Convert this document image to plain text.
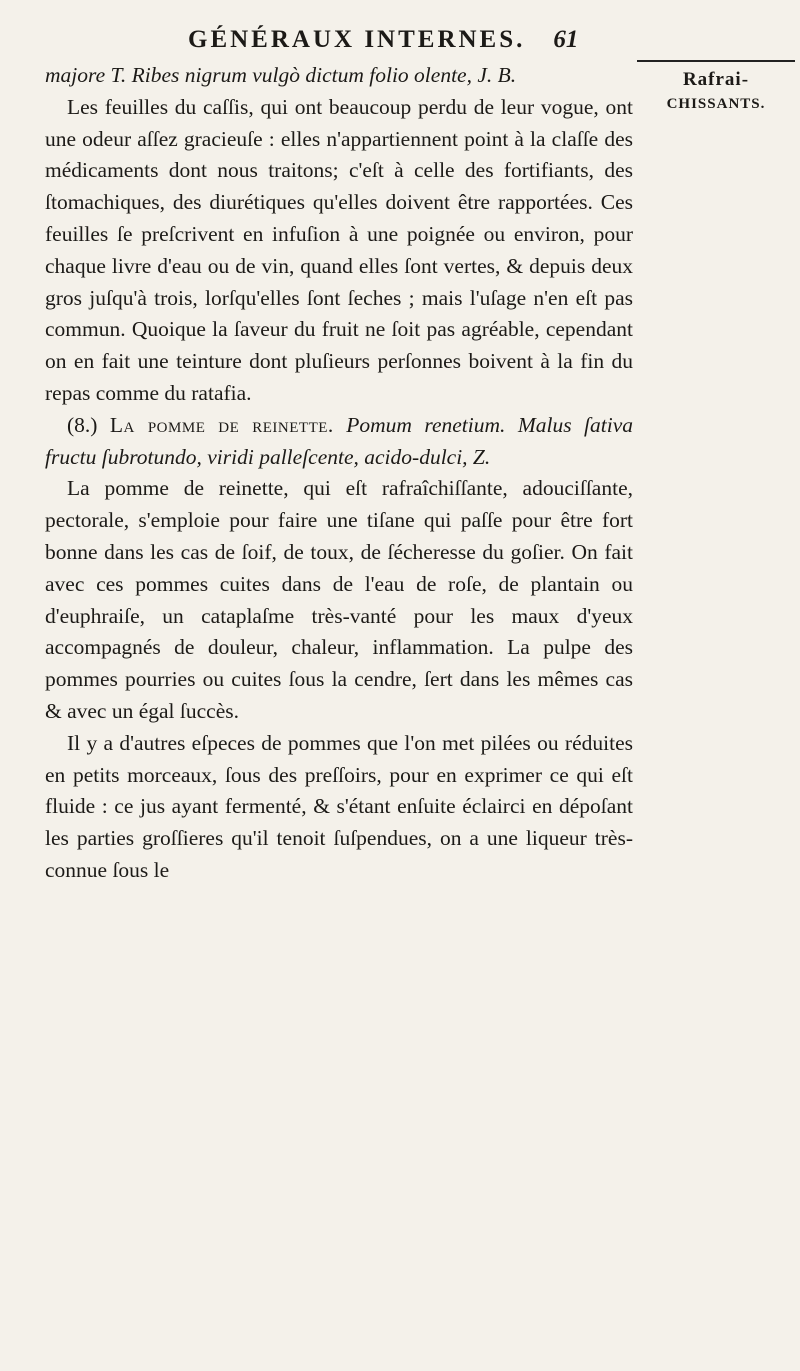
GÉNÉRAUX INTERNES. 61
Rafrai-
CHISSANTS.

majore T. Ribes nigrum vulgò dictum folio olente, J. B.

Les feuilles du caſſis, qui ont beaucoup perdu de leur vogue, ont une odeur aſſez gracieuſe : elles n'appartiennent point à la claſſe des médicaments dont nous traitons; c'eſt à celle des fortifiants, des ſtomachiques, des diurétiques qu'elles doivent être rapportées. Ces feuilles ſe preſcrivent en infuſion à une poignée ou environ, pour chaque livre d'eau ou de vin, quand elles ſont vertes, & depuis deux gros juſqu'à trois, lorſqu'elles ſont ſeches ; mais l'uſage n'en eſt pas commun. Quoique la ſaveur du fruit ne ſoit pas agréable, cependant on en fait une teinture dont pluſieurs perſonnes boivent à la fin du repas comme du ratafia.

(8.) La pomme de reinette. Pomum renetium. Malus ſativa fructu ſubrotundo, viridi palleſcente, acido-dulci, Z.

La pomme de reinette, qui eſt rafraîchiſſante, adouciſſante, pectorale, s'emploie pour faire une tiſane qui paſſe pour être fort bonne dans les cas de ſoif, de toux, de ſécheresse du goſier. On fait avec ces pommes cuites dans de l'eau de roſe, de plantain ou d'euphraiſe, un cataplaſme très-vanté pour les maux d'yeux accompagnés de douleur, chaleur, inflammation. La pulpe des pommes pourries ou cuites ſous la cendre, ſert dans les mêmes cas & avec un égal ſuccès.

Il y a d'autres eſpeces de pommes que l'on met pilées ou réduites en petits morceaux, ſous des preſſoirs, pour en exprimer ce qui eſt fluide : ce jus ayant fermenté, & s'étant enſuite éclairci en dépoſant les parties groſſieres qu'il tenoit ſuſpendues, on a une liqueur très-connue ſous le
